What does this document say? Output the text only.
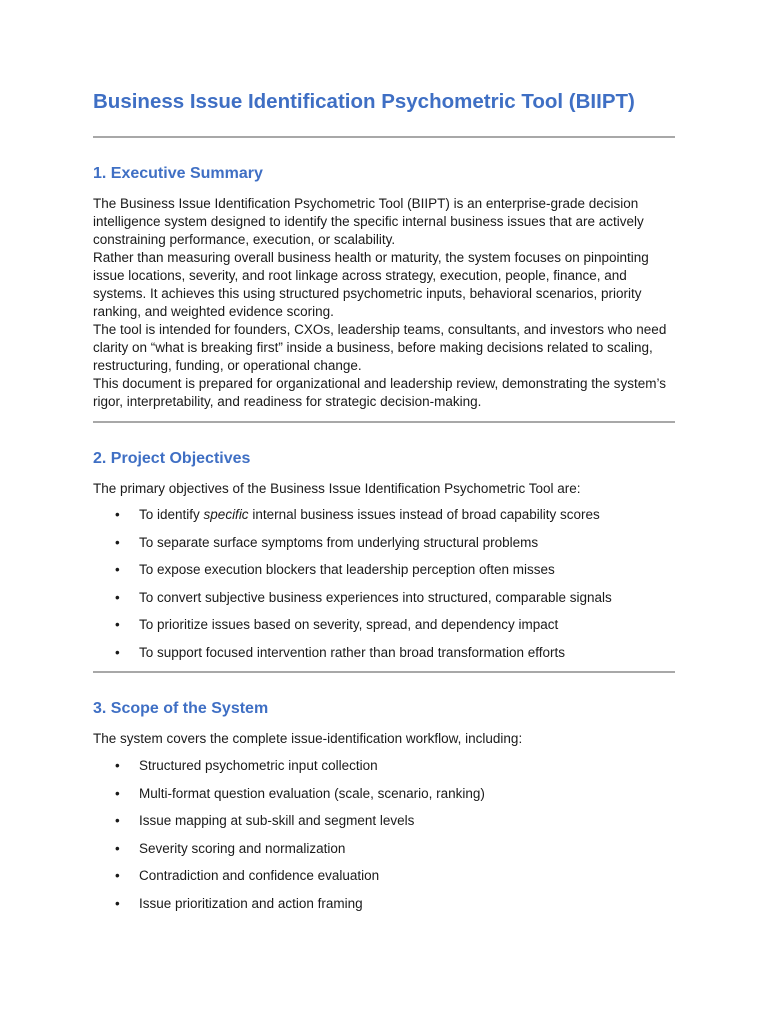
Business Issue Identification Psychometric Tool (BIIPT)
1. Executive Summary

The Business Issue Identification Psychometric Tool (BIIPT) is an enterprise-grade decision intelligence system designed to identify the specific internal business issues that are actively constraining performance, execution, or scalability.

Rather than measuring overall business health or maturity, the system focuses on pinpointing issue locations, severity, and root linkage across strategy, execution, people, finance, and systems. It achieves this using structured psychometric inputs, behavioral scenarios, priority ranking, and weighted evidence scoring.

The tool is intended for founders, CXOs, leadership teams, consultants, and investors who need clarity on “what is breaking first” inside a business, before making decisions related to scaling, restructuring, funding, or operational change.

This document is prepared for organizational and leadership review, demonstrating the system’s rigor, interpretability, and readiness for strategic decision-making.

2. Project Objectives

The primary objectives of the Business Issue Identification Psychometric Tool are:

• To identify specific internal business issues instead of broad capability scores
• To separate surface symptoms from underlying structural problems
• To expose execution blockers that leadership perception often misses
• To convert subjective business experiences into structured, comparable signals
• To prioritize issues based on severity, spread, and dependency impact
• To support focused intervention rather than broad transformation efforts
3. Scope of the System

The system covers the complete issue-identification workflow, including:

• Structured psychometric input collection
• Multi-format question evaluation (scale, scenario, ranking)
• Issue mapping at sub-skill and segment levels
• Severity scoring and normalization
• Contradiction and confidence evaluation
• Issue prioritization and action framing
